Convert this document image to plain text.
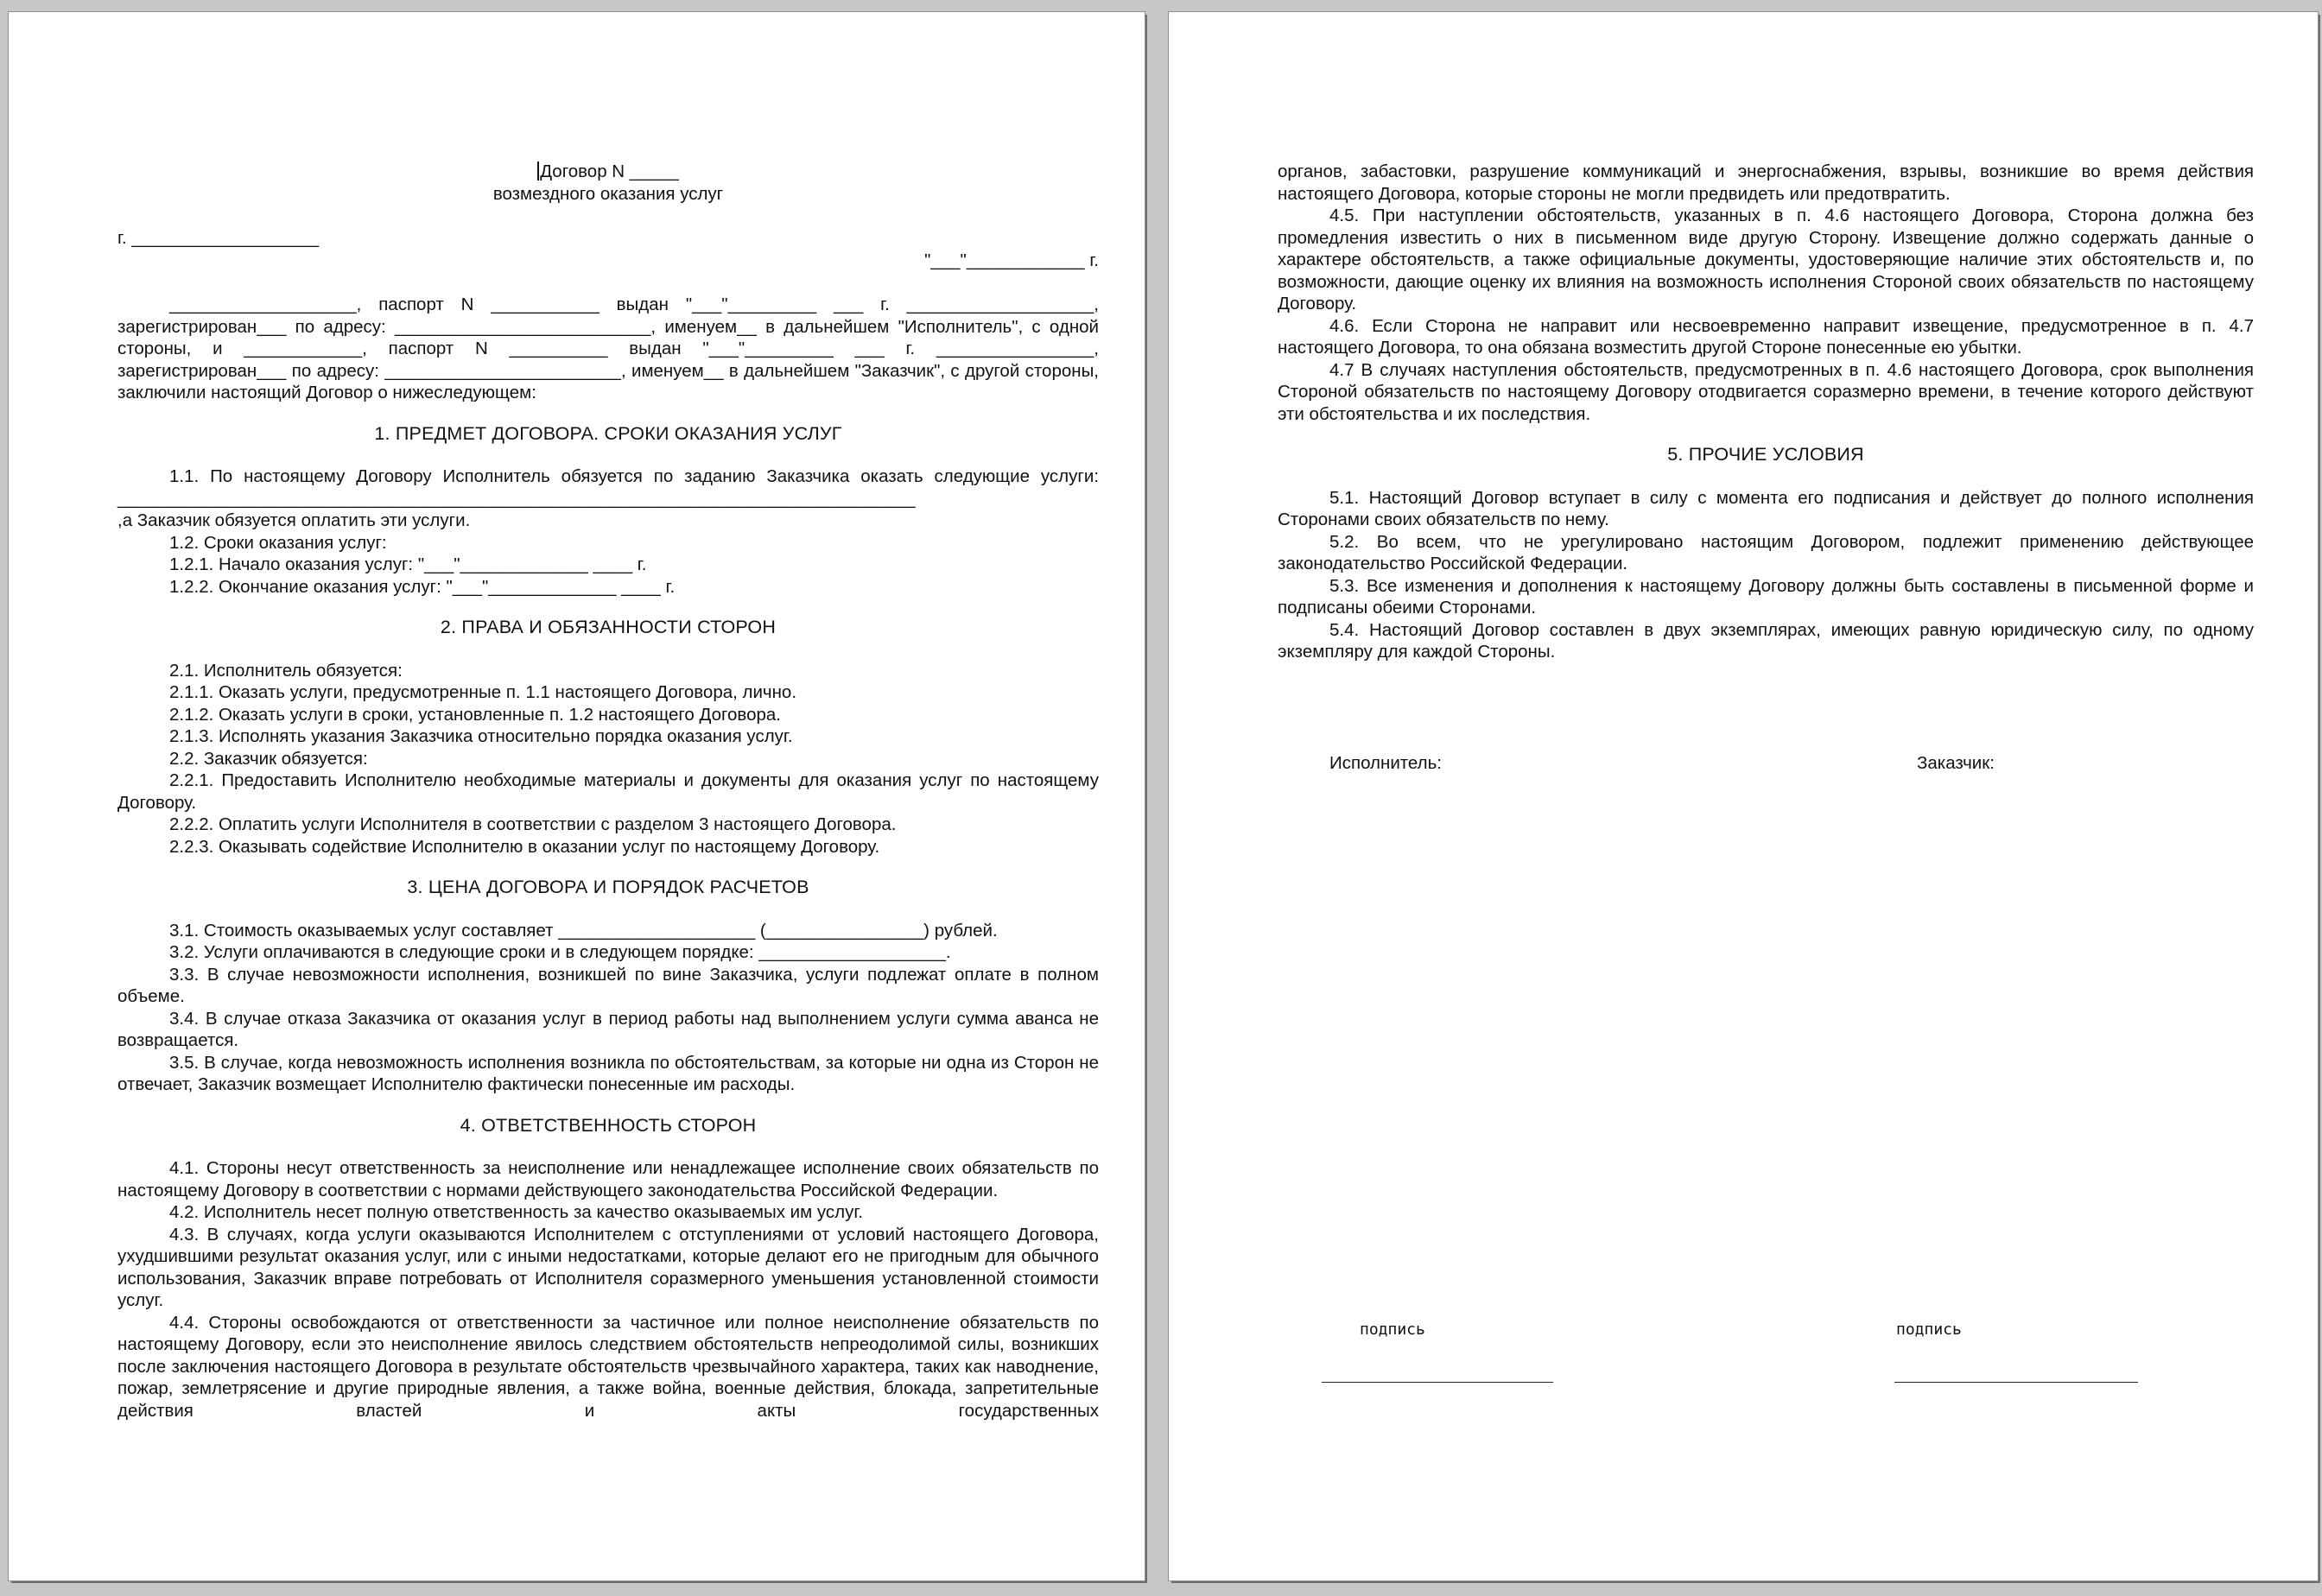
Договор N _____

возмездного оказания услуг

г. ___________________

"___"____________ г.

___________________, паспорт N ___________ выдан "___"_________ ___ г. ___________________, зарегистрирован___ по адресу: __________________________, именуем__ в дальнейшем "Исполнитель", с одной стороны, и ____________, паспорт N __________ выдан "___"_________ ___ г. ________________, зарегистрирован___ по адресу: ________________________, именуем__ в дальнейшем "Заказчик", с другой стороны, заключили настоящий Договор о нижеследующем:

1. ПРЕДМЕТ ДОГОВОРА. СРОКИ ОКАЗАНИЯ УСЛУГ

1.1. По настоящему Договору Исполнитель обязуется по заданию Заказчика оказать следующие услуги: _________________________________________________________________________________

,а Заказчик обязуется оплатить эти услуги.

1.2. Сроки оказания услуг:

1.2.1. Начало оказания услуг: "___"_____________ ____ г.

1.2.2. Окончание оказания услуг: "___"_____________ ____ г.

2. ПРАВА И ОБЯЗАННОСТИ СТОРОН

2.1. Исполнитель обязуется:

2.1.1. Оказать услуги, предусмотренные п. 1.1 настоящего Договора, лично.

2.1.2. Оказать услуги в сроки, установленные п. 1.2 настоящего Договора.

2.1.3. Исполнять указания Заказчика относительно порядка оказания услуг.

2.2. Заказчик обязуется:

2.2.1. Предоставить Исполнителю необходимые материалы и документы для оказания услуг по настоящему Договору.

2.2.2. Оплатить услуги Исполнителя в соответствии с разделом 3 настоящего Договора.

2.2.3. Оказывать содействие Исполнителю в оказании услуг по настоящему Договору.

3. ЦЕНА ДОГОВОРА И ПОРЯДОК РАСЧЕТОВ

3.1. Стоимость оказываемых услуг составляет ____________________ (________________) рублей.

3.2. Услуги оплачиваются в следующие сроки и в следующем порядке: ___________________.

3.3. В случае невозможности исполнения, возникшей по вине Заказчика, услуги подлежат оплате в полном объеме.

3.4. В случае отказа Заказчика от оказания услуг в период работы над выполнением услуги сумма аванса не возвращается.

3.5. В случае, когда невозможность исполнения возникла по обстоятельствам, за которые ни одна из Сторон не отвечает, Заказчик возмещает Исполнителю фактически понесенные им расходы.

4. ОТВЕТСТВЕННОСТЬ СТОРОН

4.1. Стороны несут ответственность за неисполнение или ненадлежащее исполнение своих обязательств по настоящему Договору в соответствии с нормами действующего законодательства Российской Федерации.

4.2. Исполнитель несет полную ответственность за качество оказываемых им услуг.

4.3. В случаях, когда услуги оказываются Исполнителем с отступлениями от условий настоящего Договора, ухудшившими результат оказания услуг, или с иными недостатками, которые делают его не пригодным для обычного использования, Заказчик вправе потребовать от Исполнителя соразмерного уменьшения установленной стоимости услуг.

4.4. Стороны освобождаются от ответственности за частичное или полное неисполнение обязательств по настоящему Договору, если это неисполнение явилось следствием обстоятельств непреодолимой силы, возникших после заключения настоящего Договора в результате обстоятельств чрезвычайного характера, таких как наводнение, пожар, землетрясение и другие природные явления, а также война, военные действия, блокада, запретительные действия властей и акты государственных

органов, забастовки, разрушение коммуникаций и энергоснабжения, взрывы, возникшие во время действия настоящего Договора, которые стороны не могли предвидеть или предотвратить.

4.5. При наступлении обстоятельств, указанных в п. 4.6 настоящего Договора, Сторона должна без промедления известить о них в письменном виде другую Сторону. Извещение должно содержать данные о характере обстоятельств, а также официальные документы, удостоверяющие наличие этих обстоятельств и, по возможности, дающие оценку их влияния на возможность исполнения Стороной своих обязательств по настоящему Договору.

4.6. Если Сторона не направит или несвоевременно направит извещение, предусмотренное в п. 4.7 настоящего Договора, то она обязана возместить другой Стороне понесенные ею убытки.

4.7 В случаях наступления обстоятельств, предусмотренных в п. 4.6 настоящего Договора, срок выполнения Стороной обязательств по настоящему Договору отодвигается соразмерно времени, в течение которого действуют эти обстоятельства и их последствия.

5. ПРОЧИЕ УСЛОВИЯ

5.1. Настоящий Договор вступает в силу с момента его подписания и действует до полного исполнения Сторонами своих обязательств по нему.

5.2. Во всем, что не урегулировано настоящим Договором, подлежит применению действующее законодательство Российской Федерации.

5.3. Все изменения и дополнения к настоящему Договору должны быть составлены в письменной форме и подписаны обеими Сторонами.

5.4. Настоящий Договор составлен в двух экземплярах, имеющих равную юридическую силу, по одному экземпляру для каждой Стороны.

Исполнитель:	Заказчик:
подпись	подпись
